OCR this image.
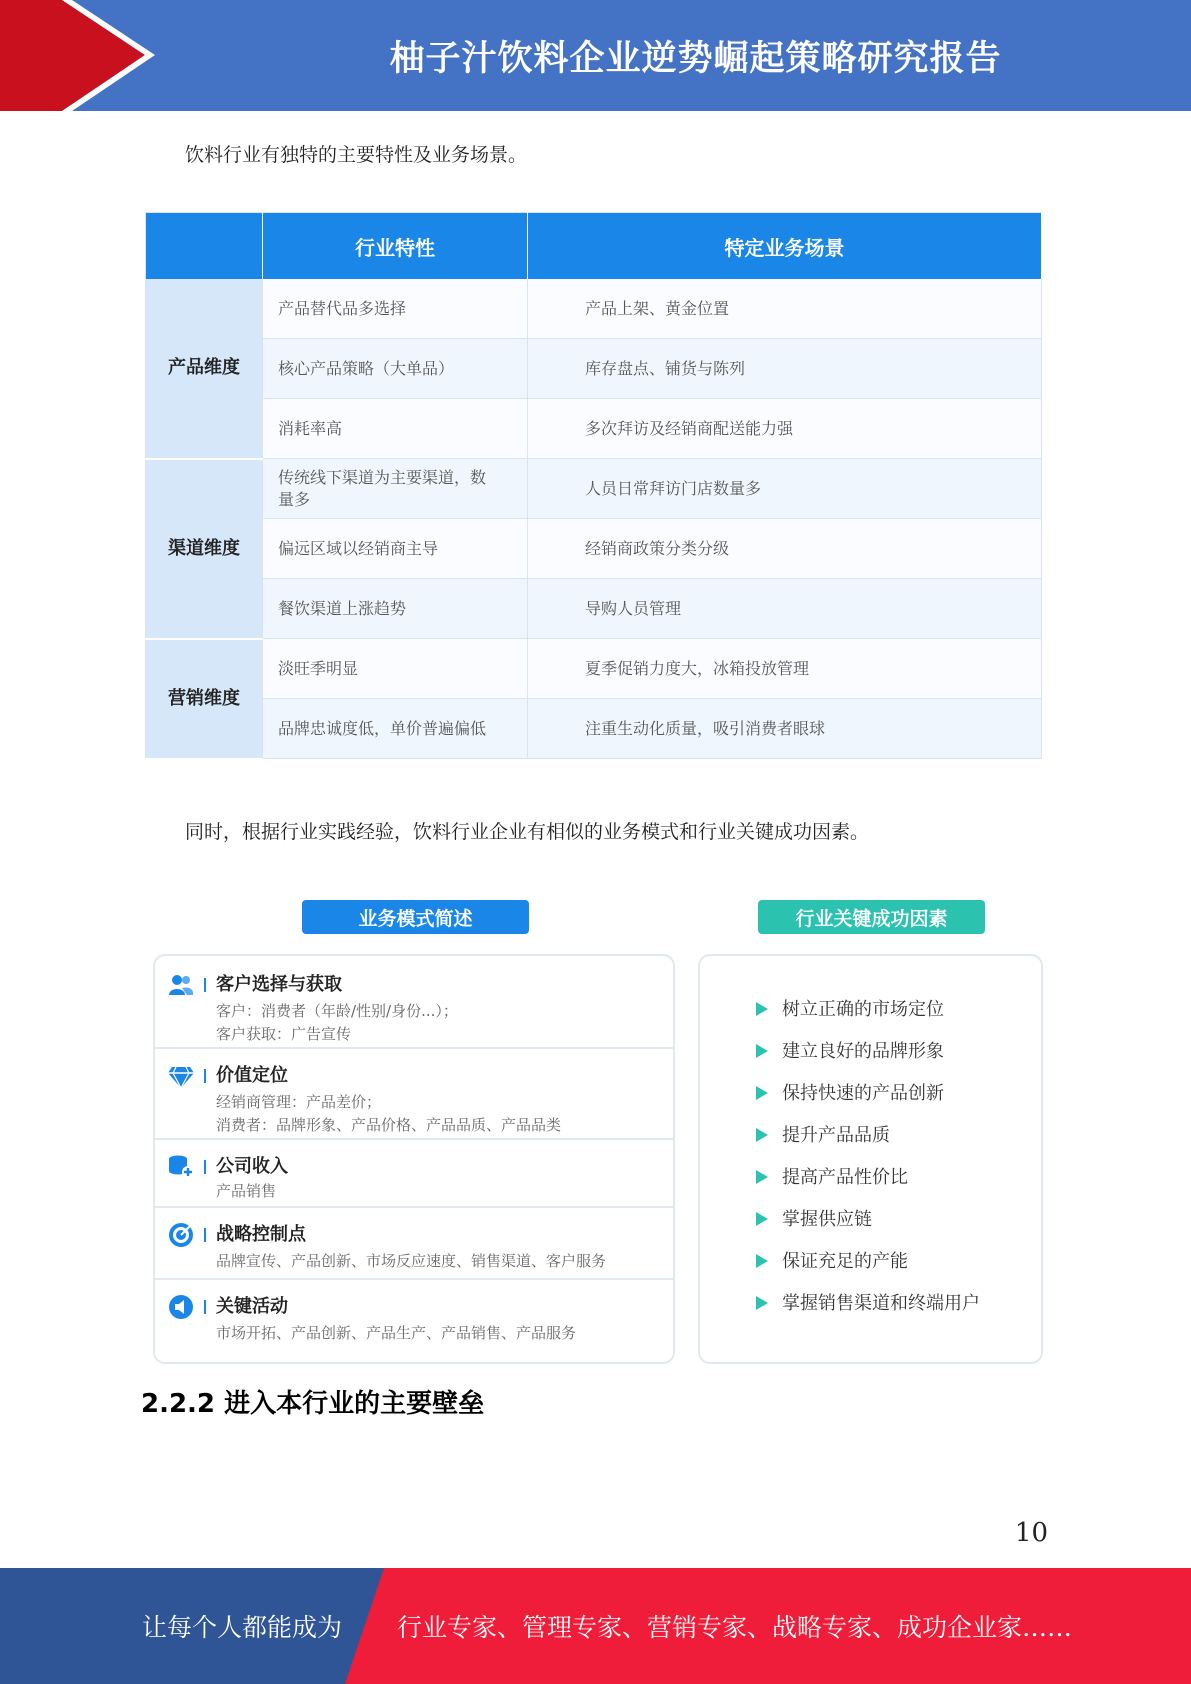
柚子汁饮料企业逆势崛起策略研究报告
饮料行业有独特的主要特性及业务场景。
	行业特性	特定业务场景
产品维度	产品替代品多选择	产品上架、黄金位置
	核心产品策略（大单品）	库存盘点、铺货与陈列
	消耗率高	多次拜访及经销商配送能力强
渠道维度	传统线下渠道为主要渠道，数量多	人员日常拜访门店数量多
	偏远区域以经销商主导	经销商政策分类分级
	餐饮渠道上涨趋势	导购人员管理
营销维度	淡旺季明显	夏季促销力度大，冰箱投放管理
	品牌忠诚度低，单价普遍偏低	注重生动化质量，吸引消费者眼球
同时，根据行业实践经验，饮料行业企业有相似的业务模式和行业关键成功因素。
业务模式简述	行业关键成功因素
客户选择与获取
客户：消费者（年龄/性别/身份...）；
客户获取：广告宣传
价值定位
经销商管理：产品差价；
消费者：品牌形象、产品价格、产品品质、产品品类
公司收入
产品销售
战略控制点
品牌宣传、产品创新、市场反应速度、销售渠道、客户服务
关键活动
市场开拓、产品创新、产品生产、产品销售、产品服务
树立正确的市场定位
建立良好的品牌形象
保持快速的产品创新
提升产品品质
提高产品性价比
掌握供应链
保证充足的产能
掌握销售渠道和终端用户
2.2.2 进入本行业的主要壁垒
10
让每个人都能成为 行业专家、管理专家、营销专家、战略专家、成功企业家……
